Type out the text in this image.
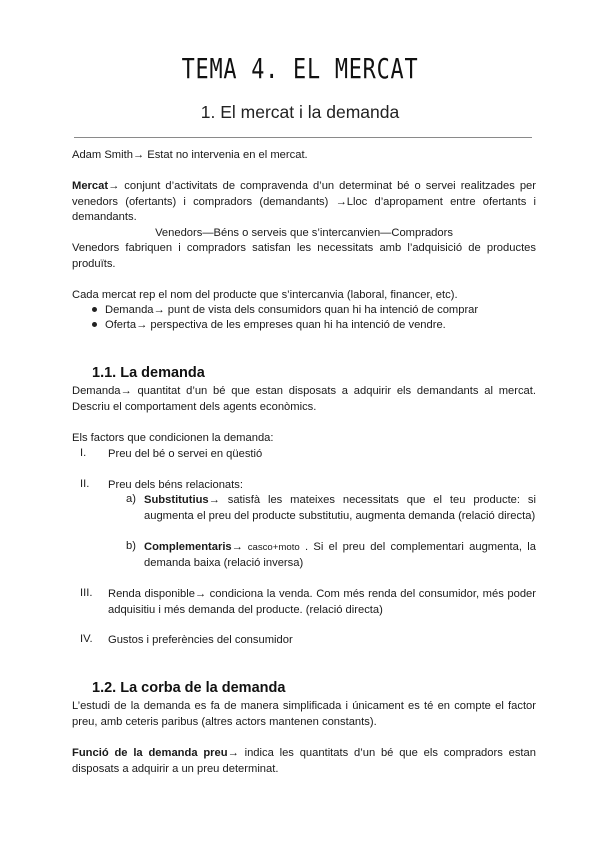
TEMA 4. EL MERCAT
1. El mercat i la demanda
Adam Smith→ Estat no intervenia en el mercat.
Mercat→ conjunt d’activitats de compravenda d’un determinat bé o servei realitzades per venedors (ofertants) i compradors (demandants) →Lloc d’apropament entre ofertants i demandants.
Venedors—Béns o serveis que s’intercanvien—Compradors
Venedors fabriquen i compradors satisfan les necessitats amb l’adquisició de productes produïts.
Cada mercat rep el nom del producte que s’intercanvia (laboral, financer, etc).
Demanda→ punt de vista dels consumidors quan hi ha intenció de comprar
Oferta→ perspectiva de les empreses quan hi ha intenció de vendre.
1.1. La demanda
Demanda→ quantitat d’un bé que estan disposats a adquirir els demandants al mercat. Descriu el comportament dels agents econòmics.
Els factors que condicionen la demanda:
I.	Preu del bé o servei en qüestió
II.	Preu dels béns relacionats:
a) Substitutius→ satisfà les mateixes necessitats que el teu producte: si augmenta el preu del producte substitutiu, augmenta demanda (relació directa)
b) Complementaris→ casco+moto . Si el preu del complementari augmenta, la demanda baixa (relació inversa)
III.	Renda disponible→ condiciona la venda. Com més renda del consumidor, més poder adquisitiu i més demanda del producte. (relació directa)
IV.	Gustos i preferències del consumidor
1.2. La corba de la demanda
L’estudi de la demanda es fa de manera simplificada i únicament es té en compte el factor preu, amb ceteris paribus (altres actors mantenen constants).
Funció de la demanda preu→ indica les quantitats d’un bé que els compradors estan disposats a adquirir a un preu determinat.
